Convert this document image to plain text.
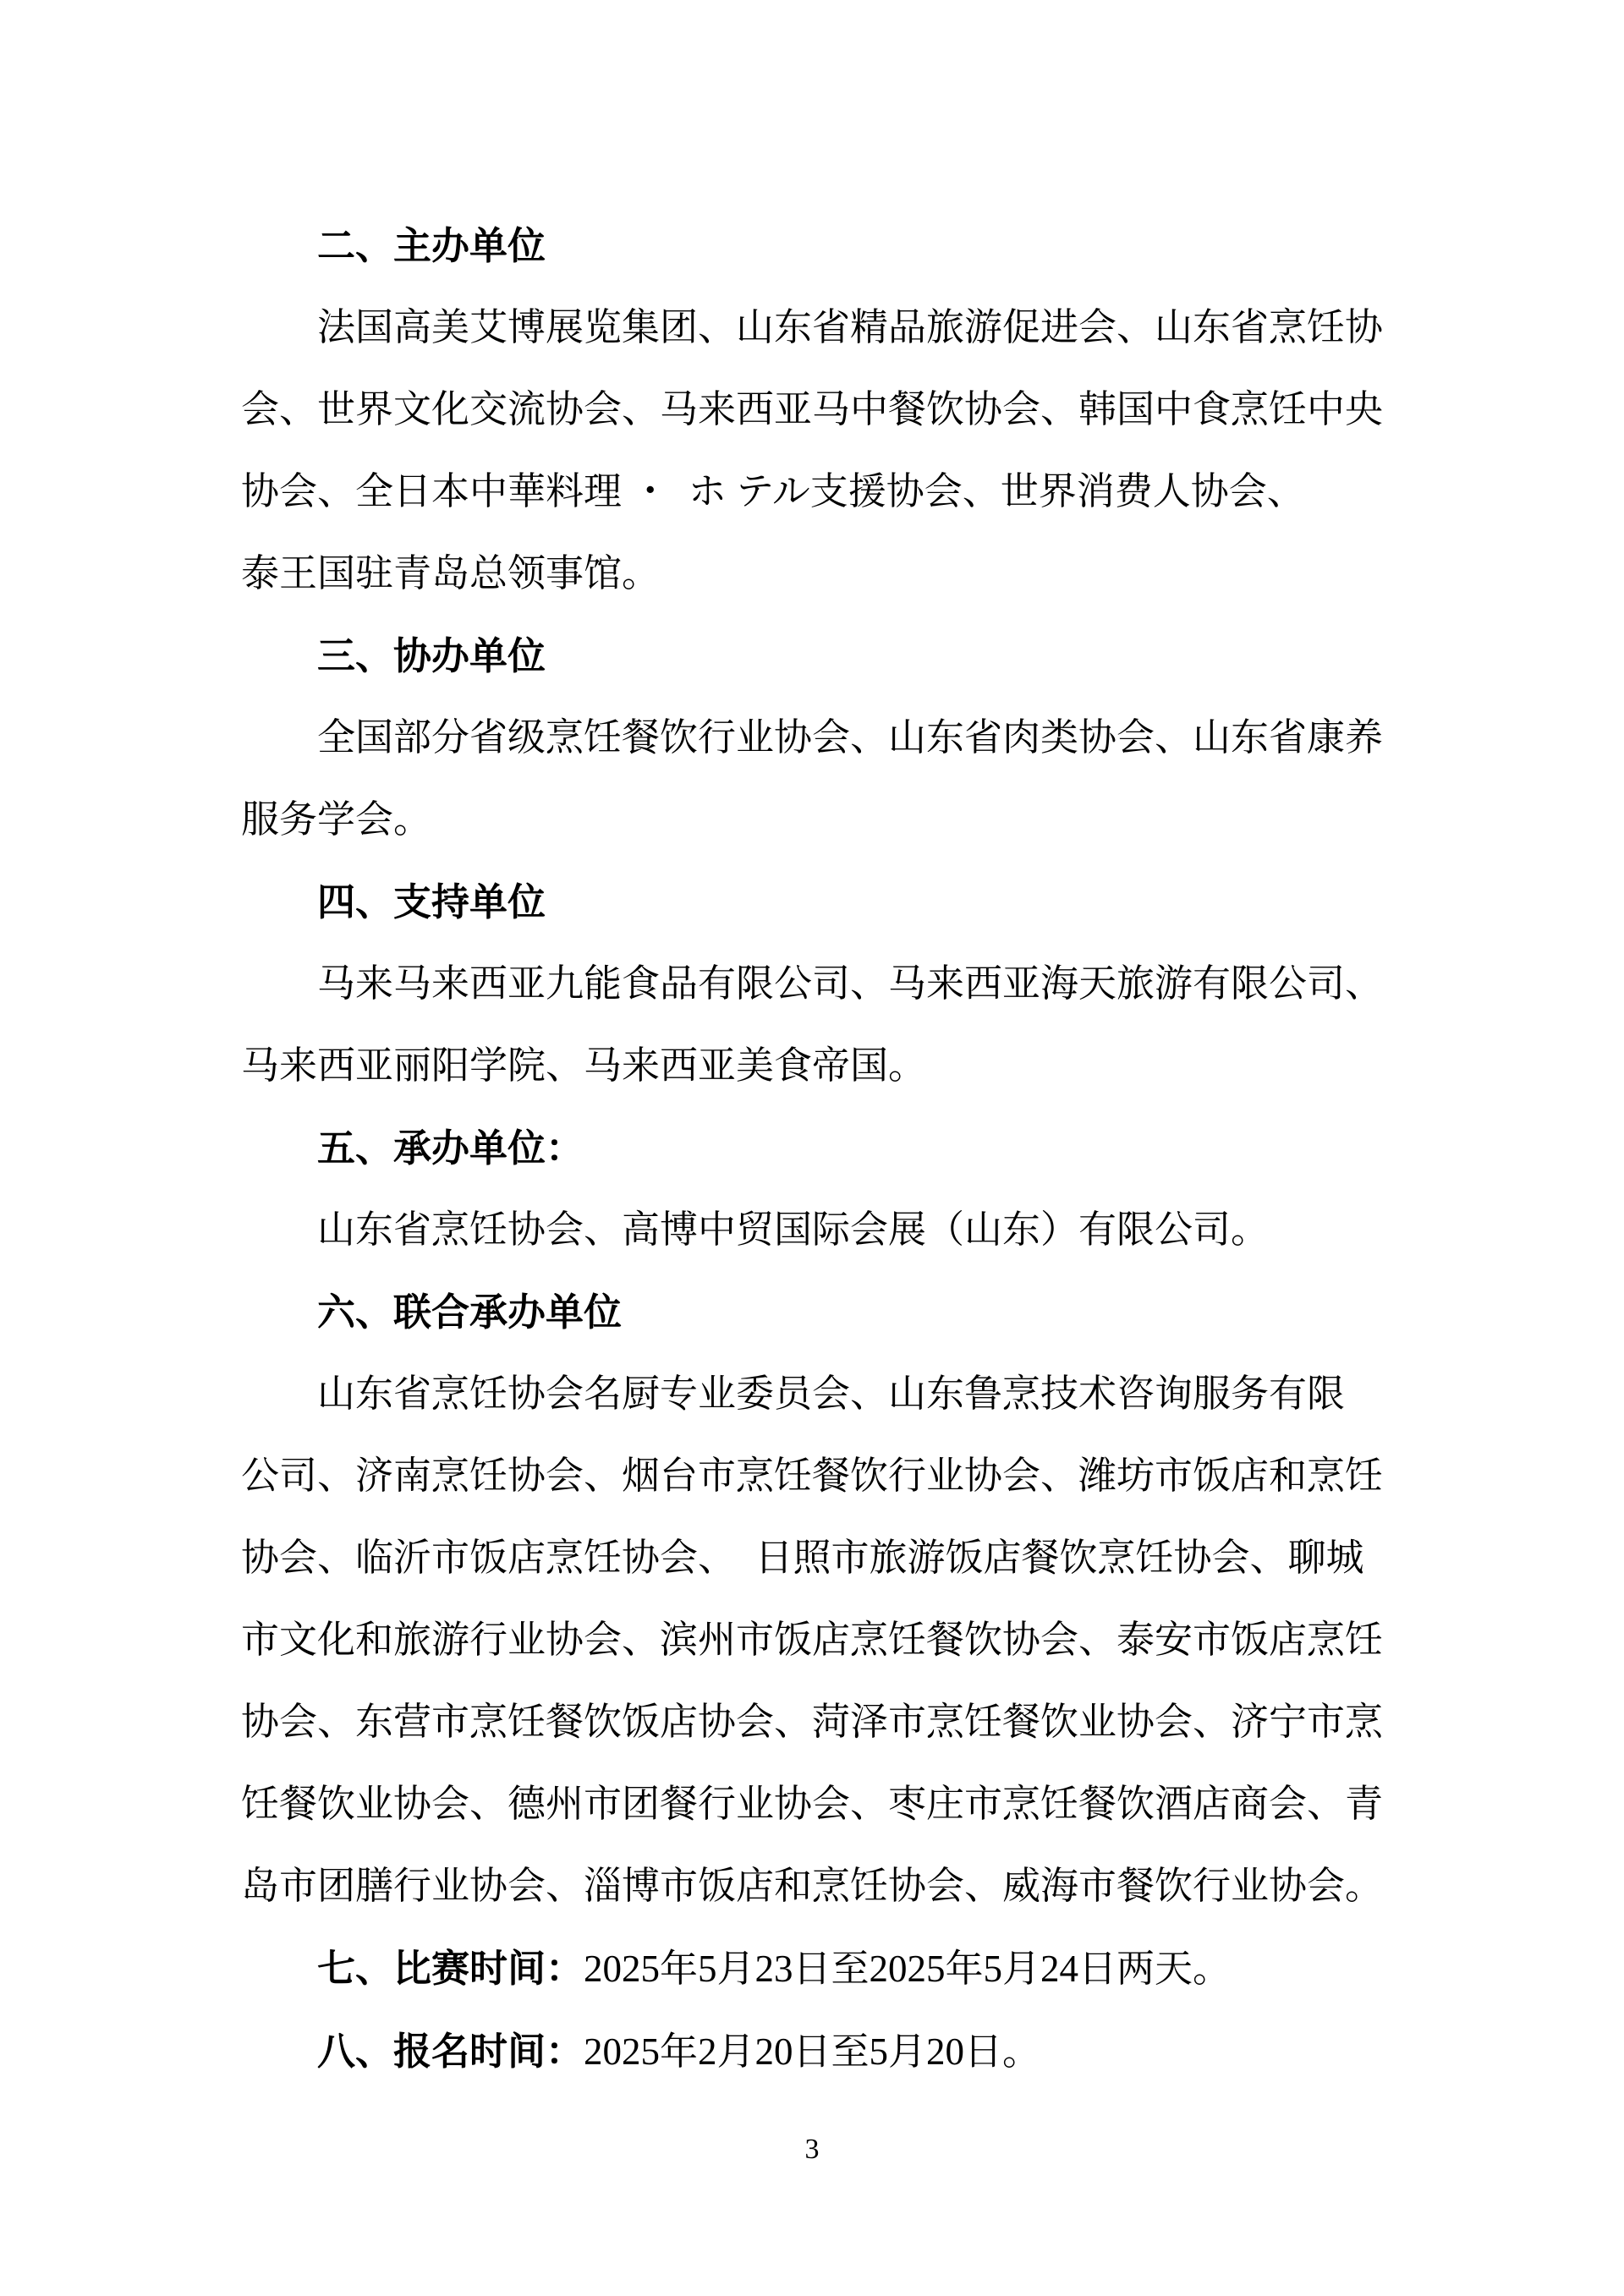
二、主办单位
法国高美艾博展览集团、山东省精品旅游促进会、山东省烹饪协
会、世界文化交流协会、马来西亚马中餐饮协会、韩国中食烹饪中央
协会、全日本中華料理 ・  ホ テル支援协会、世界消费人协会、
泰王国驻青岛总领事馆。
三、协办单位
全国部分省级烹饪餐饮行业协会、山东省肉类协会、山东省康养
服务学会。
四、支持单位
马来马来西亚九能食品有限公司、马来西亚海天旅游有限公司、
马来西亚丽阳学院、马来西亚美食帝国。
五、承办单位：
山东省烹饪协会、高博中贸国际会展（山东）有限公司。
六、联合承办单位
山东省烹饪协会名厨专业委员会、山东鲁烹技术咨询服务有限
公司、济南烹饪协会、烟台市烹饪餐饮行业协会、潍坊市饭店和烹饪
协会、临沂市饭店烹饪协会、  日照市旅游饭店餐饮烹饪协会、聊城
市文化和旅游行业协会、滨州市饭店烹饪餐饮协会、泰安市饭店烹饪
协会、东营市烹饪餐饮饭店协会、菏泽市烹饪餐饮业协会、济宁市烹
饪餐饮业协会、德州市团餐行业协会、枣庄市烹饪餐饮酒店商会、青
岛市团膳行业协会、淄博市饭店和烹饪协会、威海市餐饮行业协会。
七、比赛时间：2025年5月23日至2025年5月24日两天。
八、报名时间：2025年2月20日至5月20日。
3
